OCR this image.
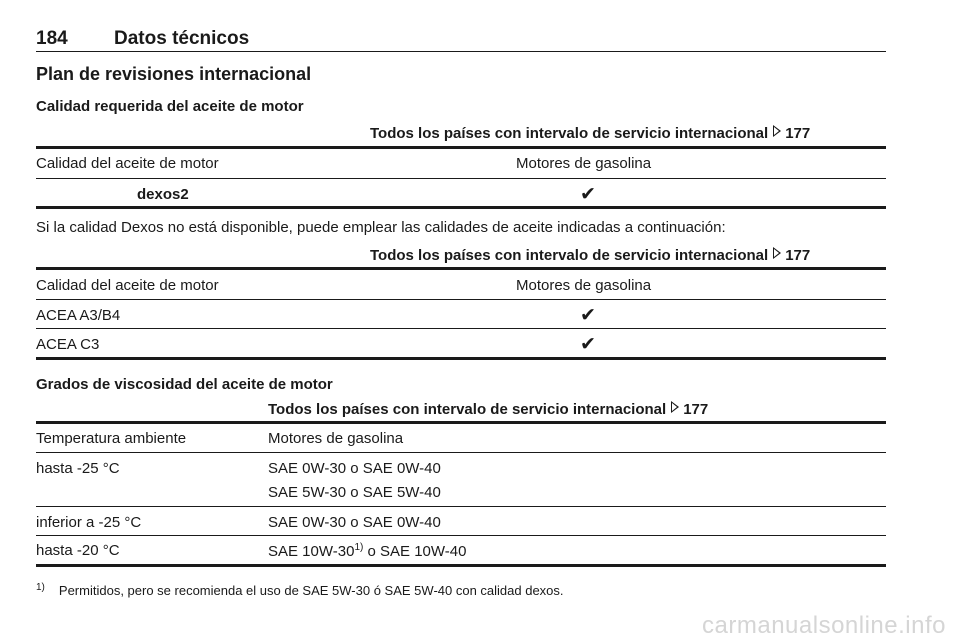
184 Datos técnicos
Plan de revisiones internacional
Calidad requerida del aceite de motor
Todos los países con intervalo de servicio internacional 177
Calidad del aceite de motor	Motores de gasolina
dexos2	✔
Si la calidad Dexos no está disponible, puede emplear las calidades de aceite indicadas a continuación:
Todos los países con intervalo de servicio internacional 177
Calidad del aceite de motor	Motores de gasolina
ACEA A3/B4	✔
ACEA C3	✔
Grados de viscosidad del aceite de motor
Todos los países con intervalo de servicio internacional 177
Temperatura ambiente	Motores de gasolina
hasta -25 °C	SAE 0W-30 o SAE 0W-40
SAE 5W-30 o SAE 5W-40
inferior a -25 °C	SAE 0W-30 o SAE 0W-40
hasta -20 °C	SAE 10W-30$^{1)}$ o SAE 10W-40
$^{1)}$ Permitidos, pero se recomienda el uso de SAE 5W-30 ó SAE 5W-40 con calidad dexos.
carmanualsonline.info
